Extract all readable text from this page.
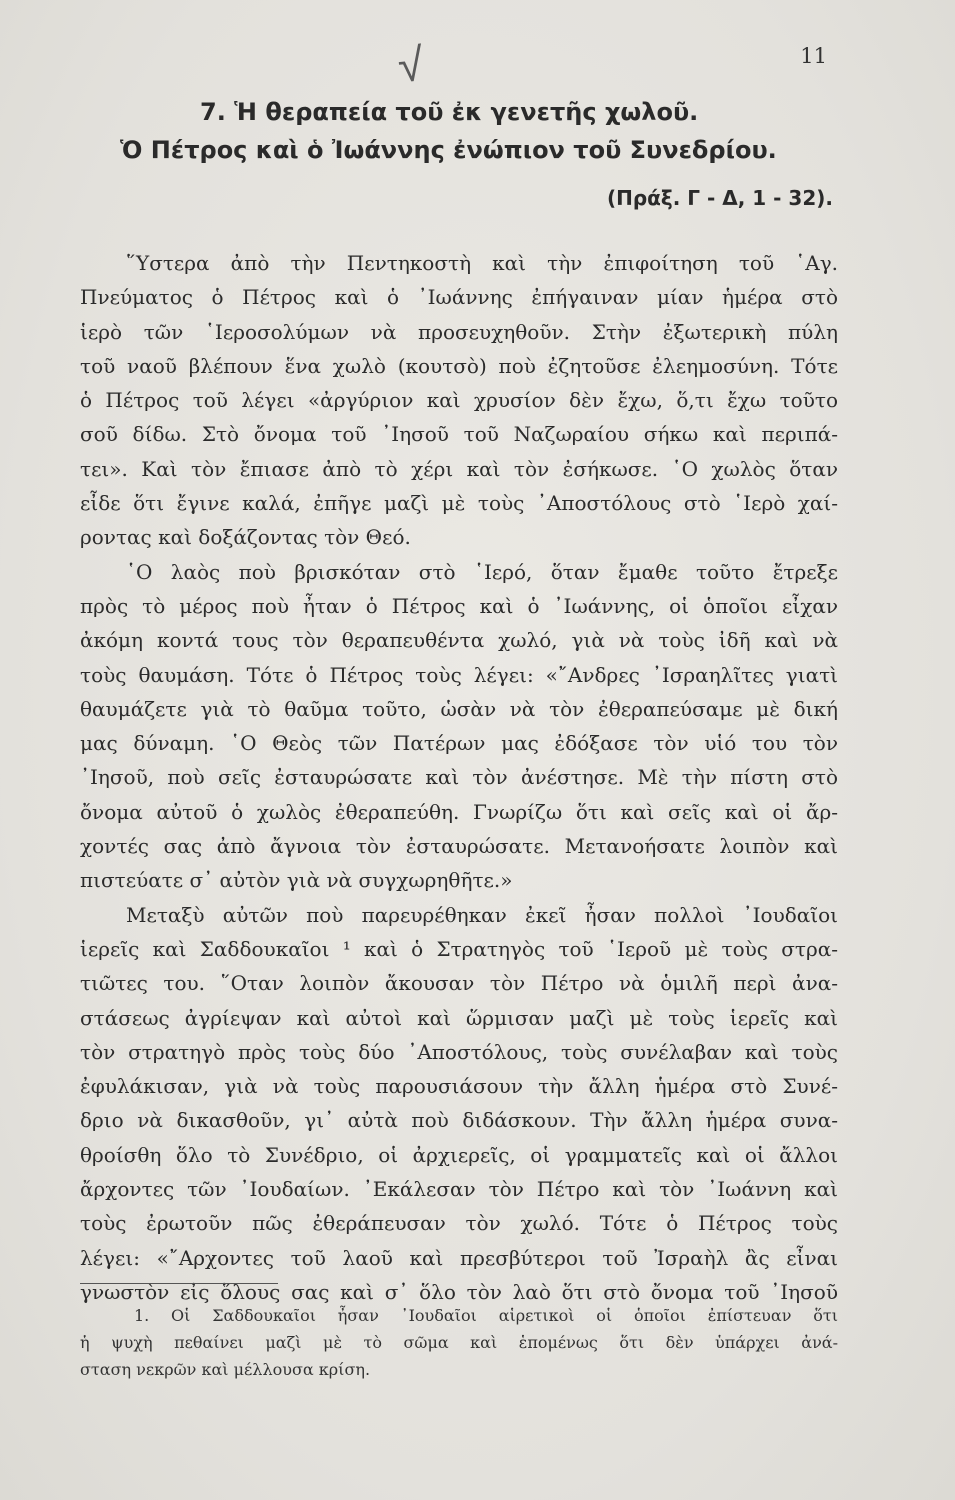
√	11
7. Ἡ θεραπεία τοῦ ἐκ γενετῆς χωλοῦ.
Ὁ Πέτρος καὶ ὁ Ἰωάννης ἐνώπιον τοῦ Συνεδρίου.
(Πράξ. Γ - Δ, 1 - 32).
῞Υστερα ἀπὸ τὴν Πεντηκοστὴ καὶ τὴν ἐπιφοίτηση τοῦ ῾Αγ.
Πνεύματος ὁ Πέτρος καὶ ὁ ᾿Ιωάννης ἐπήγαιναν μίαν ἡμέρα στὸ
ἱερὸ τῶν ῾Ιεροσολύμων νὰ προσευχηθοῦν. Στὴν ἐξωτερικὴ πύλη
τοῦ ναοῦ βλέπουν ἕνα χωλὸ (κουτσὸ) ποὺ ἐζητοῦσε ἐλεημοσύνη. Τότε
ὁ Πέτρος τοῦ λέγει «ἀργύριον καὶ χρυσίον δὲν ἔχω, ὅ,τι ἔχω τοῦτο
σοῦ δίδω. Στὸ ὄνομα τοῦ ᾿Ιησοῦ τοῦ Ναζωραίου σήκω καὶ περιπά-
τει». Καὶ τὸν ἔπιασε ἀπὸ τὸ χέρι καὶ τὸν ἐσήκωσε. ῾Ο χωλὸς ὅταν
εἶδε ὅτι ἔγινε καλά, ἐπῆγε μαζὶ μὲ τοὺς ᾿Αποστόλους στὸ ῾Ιερὸ χαί-
ροντας καὶ δοξάζοντας τὸν Θεό.
῾Ο λαὸς ποὺ βρισκόταν στὸ ῾Ιερό, ὅταν ἔμαθε τοῦτο ἔτρεξε
πρὸς τὸ μέρος ποὺ ἦταν ὁ Πέτρος καὶ ὁ ᾿Ιωάννης, οἱ ὁποῖοι εἶχαν
ἀκόμη κοντά τους τὸν θεραπευθέντα χωλό, γιὰ νὰ τοὺς ἰδῆ καὶ νὰ
τοὺς θαυμάση. Τότε ὁ Πέτρος τοὺς λέγει: «῎Ανδρες ᾿Ισραηλῖτες γιατὶ
θαυμάζετε γιὰ τὸ θαῦμα τοῦτο, ὡσὰν νὰ τὸν ἐθεραπεύσαμε μὲ δική
μας δύναμη. ῾Ο Θεὸς τῶν Πατέρων μας ἐδόξασε τὸν υἱό του τὸν
᾿Ιησοῦ, ποὺ σεῖς ἐσταυρώσατε καὶ τὸν ἀνέστησε. Μὲ τὴν πίστη στὸ
ὄνομα αὐτοῦ ὁ χωλὸς ἐθεραπεύθη. Γνωρίζω ὅτι καὶ σεῖς καὶ οἱ ἄρ-
χοντές σας ἀπὸ ἄγνοια τὸν ἐσταυρώσατε. Μετανοήσατε λοιπὸν καὶ
πιστεύατε σ᾿ αὐτὸν γιὰ νὰ συγχωρηθῆτε.»
Μεταξὺ αὐτῶν ποὺ παρευρέθηκαν ἐκεῖ ἦσαν πολλοὶ ᾿Ιουδαῖοι
ἱερεῖς καὶ Σαδδουκαῖοι ¹ καὶ ὁ Στρατηγὸς τοῦ ῾Ιεροῦ μὲ τοὺς στρα-
τιῶτες του. ῞Οταν λοιπὸν ἄκουσαν τὸν Πέτρο νὰ ὁμιλῆ περὶ ἀνα-
στάσεως ἀγρίεψαν καὶ αὐτοὶ καὶ ὥρμισαν μαζὶ μὲ τοὺς ἱερεῖς καὶ
τὸν στρατηγὸ πρὸς τοὺς δύο ᾿Αποστόλους, τοὺς συνέλαβαν καὶ τοὺς
ἐφυλάκισαν, γιὰ νὰ τοὺς παρουσιάσουν τὴν ἄλλη ἡμέρα στὸ Συνέ-
δριο νὰ δικασθοῦν, γι᾿ αὐτὰ ποὺ διδάσκουν. Τὴν ἄλλη ἡμέρα συνα-
θροίσθη ὅλο τὸ Συνέδριο, οἱ ἀρχιερεῖς, οἱ γραμματεῖς καὶ οἱ ἄλλοι
ἄρχοντες τῶν ᾿Ιουδαίων. ᾿Εκάλεσαν τὸν Πέτρο καὶ τὸν ᾿Ιωάννη καὶ
τοὺς ἐρωτοῦν πῶς ἐθεράπευσαν τὸν χωλό. Τότε ὁ Πέτρος τοὺς
λέγει: «῎Αρχοντες τοῦ λαοῦ καὶ πρεσβύτεροι τοῦ Ἰσραὴλ ἂς εἶναι
γνωστὸν εἰς ὅλους σας καὶ σ᾿ ὅλο τὸν λαὸ ὅτι στὸ ὄνομα τοῦ ᾿Ιησοῦ
1. Οἱ Σαδδουκαῖοι ἦσαν ᾿Ιουδαῖοι αἱρετικοὶ οἱ ὁποῖοι ἐπίστευαν ὅτι
ἡ ψυχὴ πεθαίνει μαζὶ μὲ τὸ σῶμα καὶ ἑπομένως ὅτι δὲν ὑπάρχει ἀνά-
σταση νεκρῶν καὶ μέλλουσα κρίση.
